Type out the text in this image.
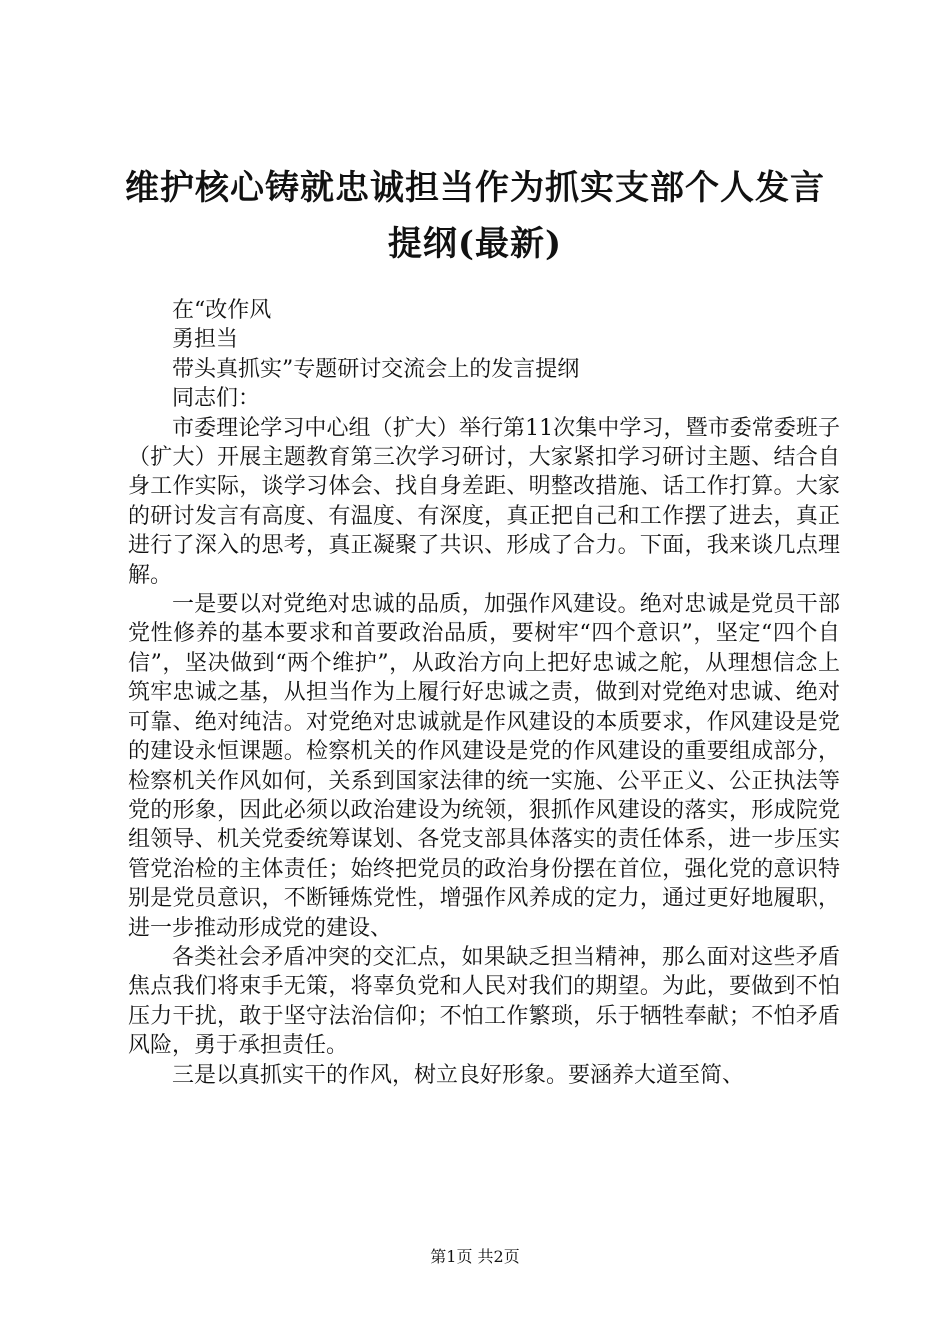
维护核心铸就忠诚担当作为抓实支部个人发言提纲(最新)

在“改作风

勇担当

带头真抓实”专题研讨交流会上的发言提纲

同志们：

市委理论学习中心组（扩大）举行第11次集中学习，暨市委常委班子（扩大）开展主题教育第三次学习研讨，大家紧扣学习研讨主题、结合自身工作实际，谈学习体会、找自身差距、明整改措施、话工作打算。大家的研讨发言有高度、有温度、有深度，真正把自己和工作摆了进去，真正进行了深入的思考，真正凝聚了共识、形成了合力。下面，我来谈几点理解。

一是要以对党绝对忠诚的品质，加强作风建设。绝对忠诚是党员干部党性修养的基本要求和首要政治品质，要树牢“四个意识”，坚定“四个自信”，坚决做到“两个维护”，从政治方向上把好忠诚之舵，从理想信念上筑牢忠诚之基，从担当作为上履行好忠诚之责，做到对党绝对忠诚、绝对可靠、绝对纯洁。对党绝对忠诚就是作风建设的本质要求，作风建设是党的建设永恒课题。检察机关的作风建设是党的作风建设的重要组成部分，检察机关作风如何，关系到国家法律的统一实施、公平正义、公正执法等党的形象，因此必须以政治建设为统领，狠抓作风建设的落实，形成院党组领导、机关党委统筹谋划、各党支部具体落实的责任体系，进一步压实管党治检的主体责任；始终把党员的政治身份摆在首位，强化党的意识特别是党员意识，不断锤炼党性，增强作风养成的定力，通过更好地履职，进一步推动形成党的建设、

各类社会矛盾冲突的交汇点，如果缺乏担当精神，那么面对这些矛盾焦点我们将束手无策，将辜负党和人民对我们的期望。为此，要做到不怕压力干扰，敢于坚守法治信仰；不怕工作繁琐，乐于牺牲奉献；不怕矛盾风险，勇于承担责任。

三是以真抓实干的作风，树立良好形象。要涵养大道至简、

第1页 共2页
